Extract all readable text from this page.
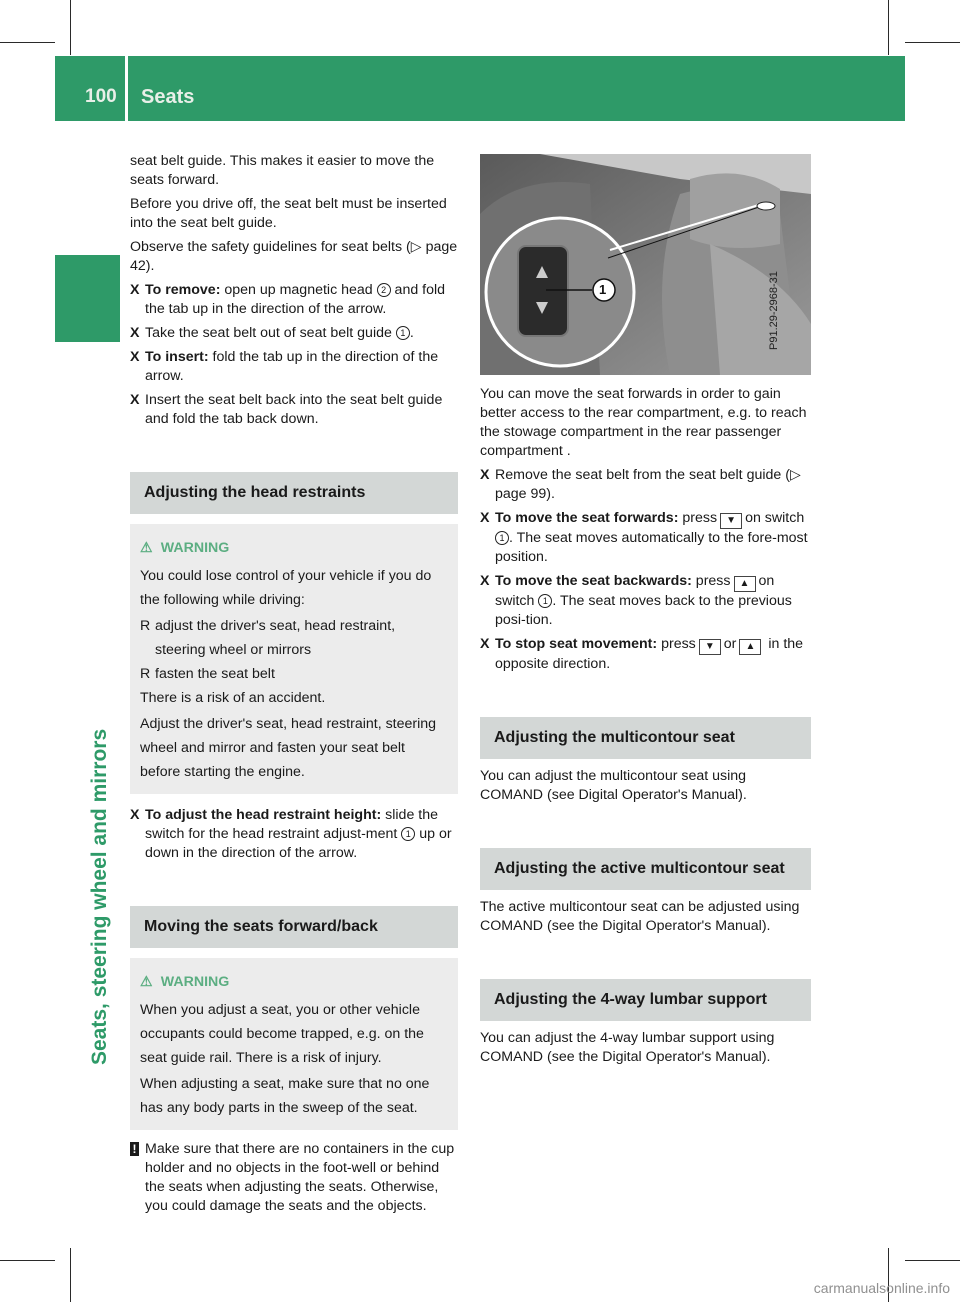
100 Seats
Seats, steering wheel and mirrors

seat belt guide. This makes it easier to move the seats forward.

Before you drive off, the seat belt must be inserted into the seat belt guide.

Observe the safety guidelines for seat belts (▷ page 42).

X To remove: open up magnetic head 2 and fold the tab up in the direction of the arrow.
X Take the seat belt out of seat belt guide 1 .
X To insert: fold the tab up in the direction of the arrow.
X Insert the seat belt back into the seat belt guide and fold the tab back down.
Adjusting the head restraints
⚠ WARNING

You could lose control of your vehicle if you do the following while driving:

R adjust the driver's seat, head restraint, steering wheel or mirrors
R fasten the seat belt

There is a risk of an accident.

Adjust the driver's seat, head restraint, steering wheel and mirror and fasten your seat belt before starting the engine.

X To adjust the head restraint height: slide the switch for the head restraint adjust-ment 1 up or down in the direction of the arrow.
Moving the seats forward/back
⚠ WARNING

When you adjust a seat, you or other vehicle occupants could become trapped, e.g. on the seat guide rail. There is a risk of injury.

When adjusting a seat, make sure that no one has any body parts in the sweep of the seat.

! Make sure that there are no containers in the cup holder and no objects in the foot-well or behind the seats when adjusting the seats. Otherwise, you could damage the seats and the objects.
1	P91.29-2968-31

You can move the seat forwards in order to gain better access to the rear compartment, e.g. to reach the stowage compartment in the rear passenger compartment .

X Remove the seat belt from the seat belt guide (▷ page 99).
X To move the seat forwards: press ▼ on switch 1 . The seat moves automatically to the fore-most position.
X To move the seat backwards: press ▲ on switch 1 . The seat moves back to the previous posi-tion.
X To stop seat movement: press ▼ or ▲ in the opposite direction.
Adjusting the multicontour seat

You can adjust the multicontour seat using COMAND (see Digital Operator's Manual).

Adjusting the active multicontour seat

The active multicontour seat can be adjusted using COMAND (see the Digital Operator's Manual).

Adjusting the 4-way lumbar support

You can adjust the 4-way lumbar support using COMAND (see the Digital Operator's Manual).

carmanualsonline.info
